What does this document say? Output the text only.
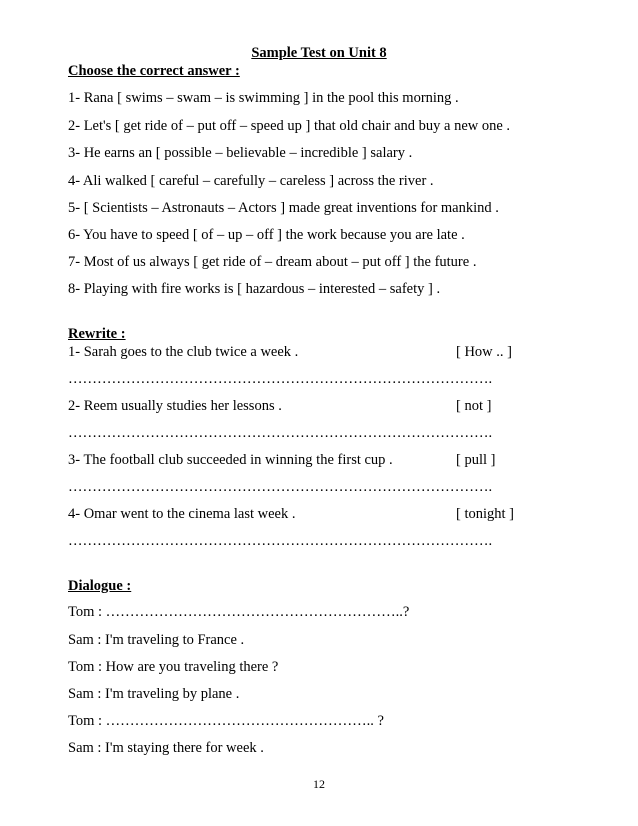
Sample Test on Unit 8
Choose the correct answer :
1- Rana [ swims – swam – is swimming ] in the pool this morning .
2- Let's [ get ride of – put off – speed up ] that old chair and buy a new one .
3- He earns an [ possible – believable – incredible ] salary .
4- Ali walked [ careful – carefully – careless ] across the river .
5- [ Scientists – Astronauts – Actors ] made great inventions for mankind .
6- You have to speed [ of – up – off ] the work because you are late .
7- Most of us always [ get ride of – dream about – put off ] the future .
8- Playing with fire works is [ hazardous – interested – safety ] .
Rewrite :
1- Sarah goes to the club twice a week .	[ How .. ]
…………………………………………………………………………….
2- Reem usually studies her lessons .	[ not ]
…………………………………………………………………………….
3- The football club succeeded in winning the first cup .	[ pull ]
…………………………………………………………………………….
4- Omar went to the cinema last week .	[ tonight ]
…………………………………………………………………………….
Dialogue :
Tom : ……………………………………………………..?
Sam : I'm traveling to France .
Tom : How are you traveling there ?
Sam : I'm traveling by plane .
Tom : ……………………………………………….. ?
Sam : I'm staying there for week .
12
